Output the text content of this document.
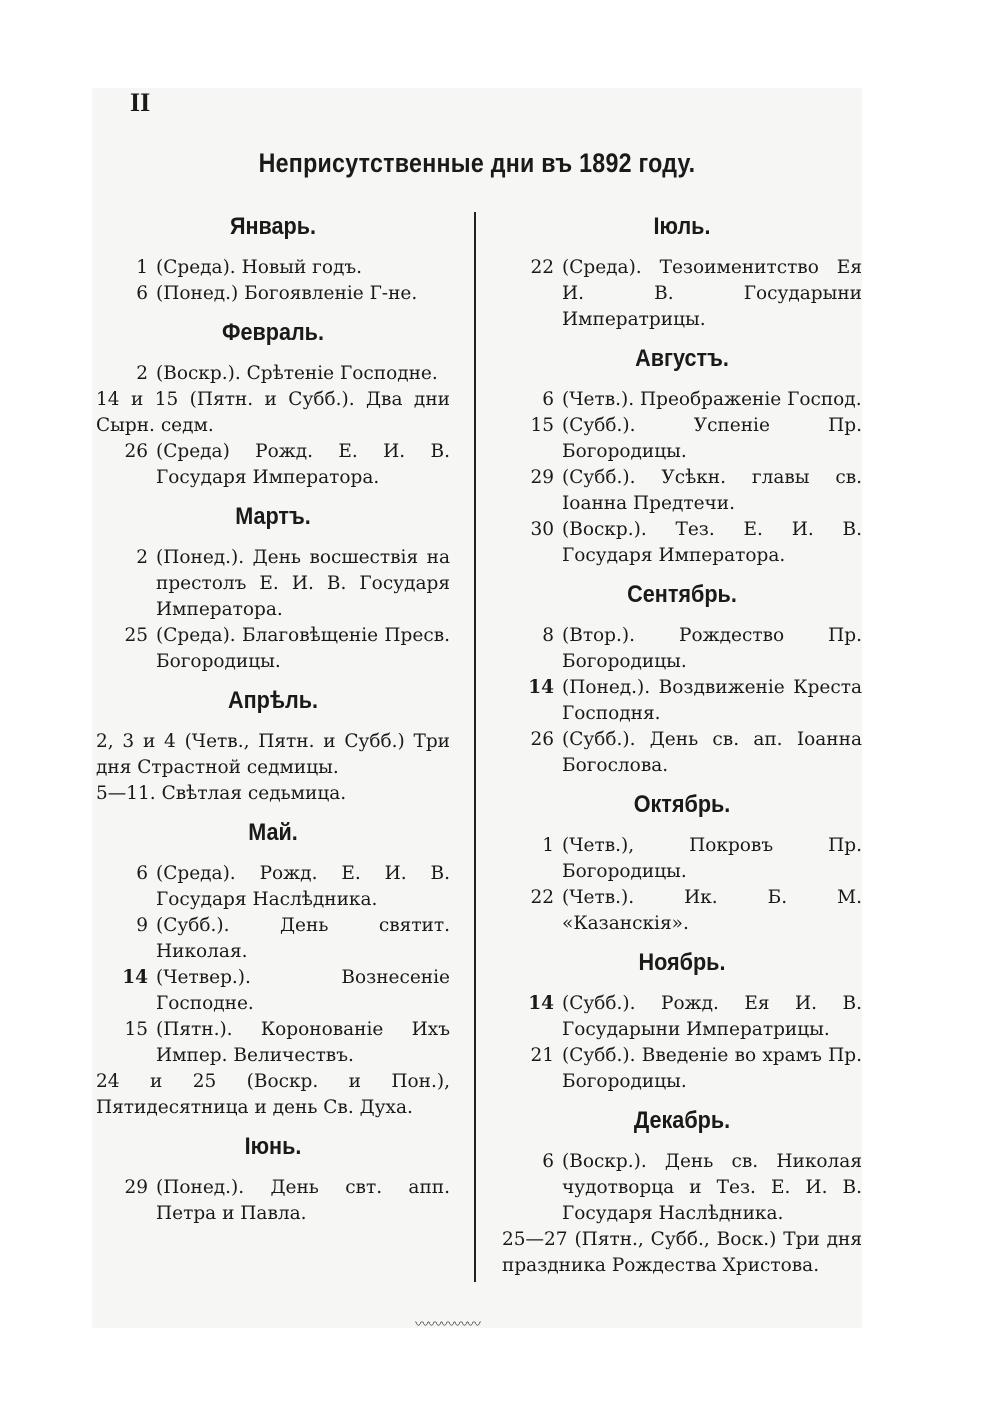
II
Неприсутственные дни въ 1892 году.
Январь.

1 (Среда). Новый годъ.

6 (Понед.) Богоявленіе Г-не.

Февраль.

2 (Воскр.). Срѣтеніе Господне.

14 и 15 (Пятн. и Субб.). Два дни Сырн. седм.

26 (Среда) Рожд. Е. И. В. Государя Императора.

Мартъ.

2 (Понед.). День восшествія на престолъ Е. И. В. Государя Императора.

25 (Среда). Благовѣщеніе Пресв. Богородицы.

Апрѣль.

2, 3 и 4 (Четв., Пятн. и Субб.) Три дня Страстной седмицы.

5—11. Свѣтлая седьмица.

Май.

6 (Среда). Рожд. Е. И. В. Государя Наслѣдника.

9 (Субб.). День святит. Николая.

14 (Четвер.). Вознесеніе Господне.

15 (Пятн.). Коронованіе Ихъ Импер. Величествъ.

24 и 25 (Воскр. и Пон.), Пятидесятница и день Св. Духа.

Іюнь.

29 (Понед.). День свт. апп. Петра и Павла.

Іюль.

22 (Среда). Тезоименитство Ея И. В. Государыни Императрицы.

Августъ.

6 (Четв.). Преображеніе Господ.

15 (Субб.). Успеніе Пр. Богородицы.

29 (Субб.). Усѣкн. главы св. Іоанна Предтечи.

30 (Воскр.). Тез. Е. И. В. Государя Императора.

Сентябрь.

8 (Втор.). Рождество Пр. Богородицы.

14 (Понед.). Воздвиженіе Креста Господня.

26 (Субб.). День св. ап. Іоанна Богослова.

Октябрь.

1 (Четв.), Покровъ Пр. Богородицы.

22 (Четв.). Ик. Б. М. «Казанскія».

Ноябрь.

14 (Субб.). Рожд. Ея И. В. Государыни Императрицы.

21 (Субб.). Введеніе во храмъ Пр. Богородицы.

Декабрь.

6 (Воскр.). День св. Николая чудотворца и Тез. Е. И. В. Государя Наслѣдника.

25—27 (Пятн., Субб., Воск.) Три дня праздника Рождества Христова.

〰〰〰〰〰
